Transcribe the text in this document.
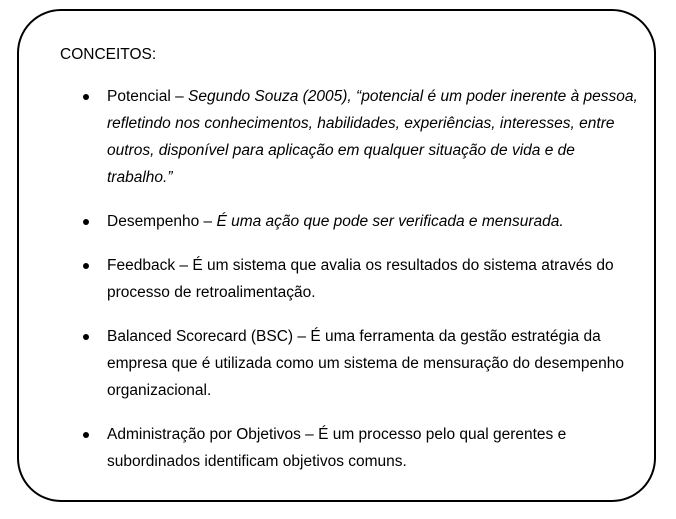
CONCEITOS:
Potencial – Segundo Souza (2005), “potencial é um poder inerente à pessoa, refletindo nos conhecimentos, habilidades, experiências, interesses, entre outros, disponível para aplicação em qualquer situação de vida e de trabalho.”
Desempenho – É uma ação que pode ser verificada e mensurada.
Feedback – É um sistema que avalia os resultados do sistema através do processo de retroalimentação.
Balanced Scorecard (BSC) – É uma ferramenta da gestão estratégia da empresa que é utilizada como um sistema de mensuração do desempenho organizacional.
Administração por Objetivos – É um processo pelo qual gerentes e subordinados identificam objetivos comuns.
